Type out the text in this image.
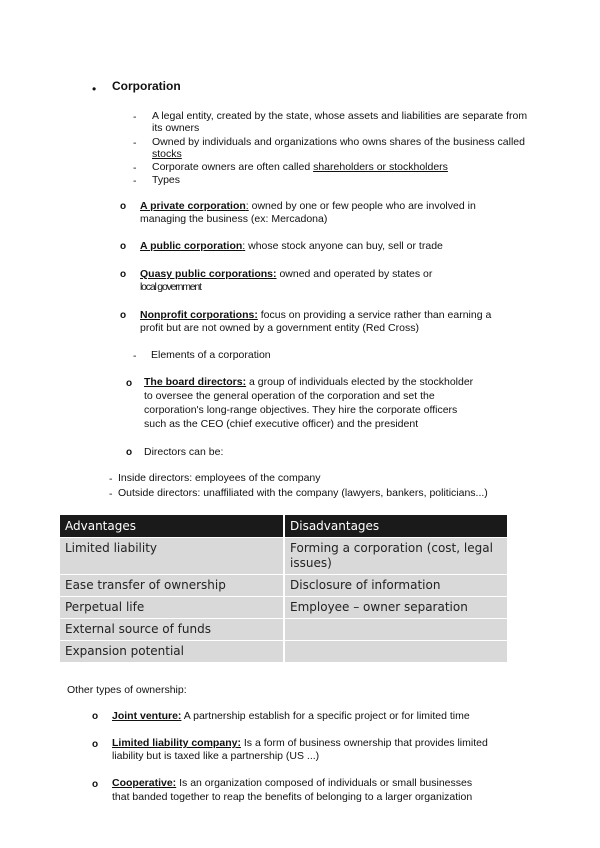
• Corporation
- A legal entity, created by the state, whose assets and liabilities are separate from
its owners
- Owned by individuals and organizations who owns shares of the business called
stocks
- Corporate owners are often called shareholders or stockholders
- Types
o A private corporation: owned by one or few people who are involved in
managing the business (ex: Mercadona)
o A public corporation: whose stock anyone can buy, sell or trade
o Quasy public corporations: owned and operated by states or
local government
o Nonprofit corporations: focus on providing a service rather than earning a
profit but are not owned by a government entity (Red Cross)
- Elements of a corporation
o The board directors: a group of individuals elected by the stockholder
to oversee the general operation of the corporation and set the
corporation's long-range objectives. They hire the corporate officers
such as the CEO (chief executive officer) and the president
o Directors can be:
- Inside directors: employees of the company
- Outside directors: unaffiliated with the company (lawyers, bankers, politicians...)
Advantages	Disadvantages
Limited liability	Forming a corporation (cost, legal issues)
Ease transfer of ownership	Disclosure of information
Perpetual life	Employee – owner separation
External source of funds	
Expansion potential	
Other types of ownership:
o Joint venture: A partnership establish for a specific project or for limited time
o Limited liability company: Is a form of business ownership that provides limited
liability but is taxed like a partnership (US ...)
o Cooperative: Is an organization composed of individuals or small businesses
that banded together to reap the benefits of belonging to a larger organization
